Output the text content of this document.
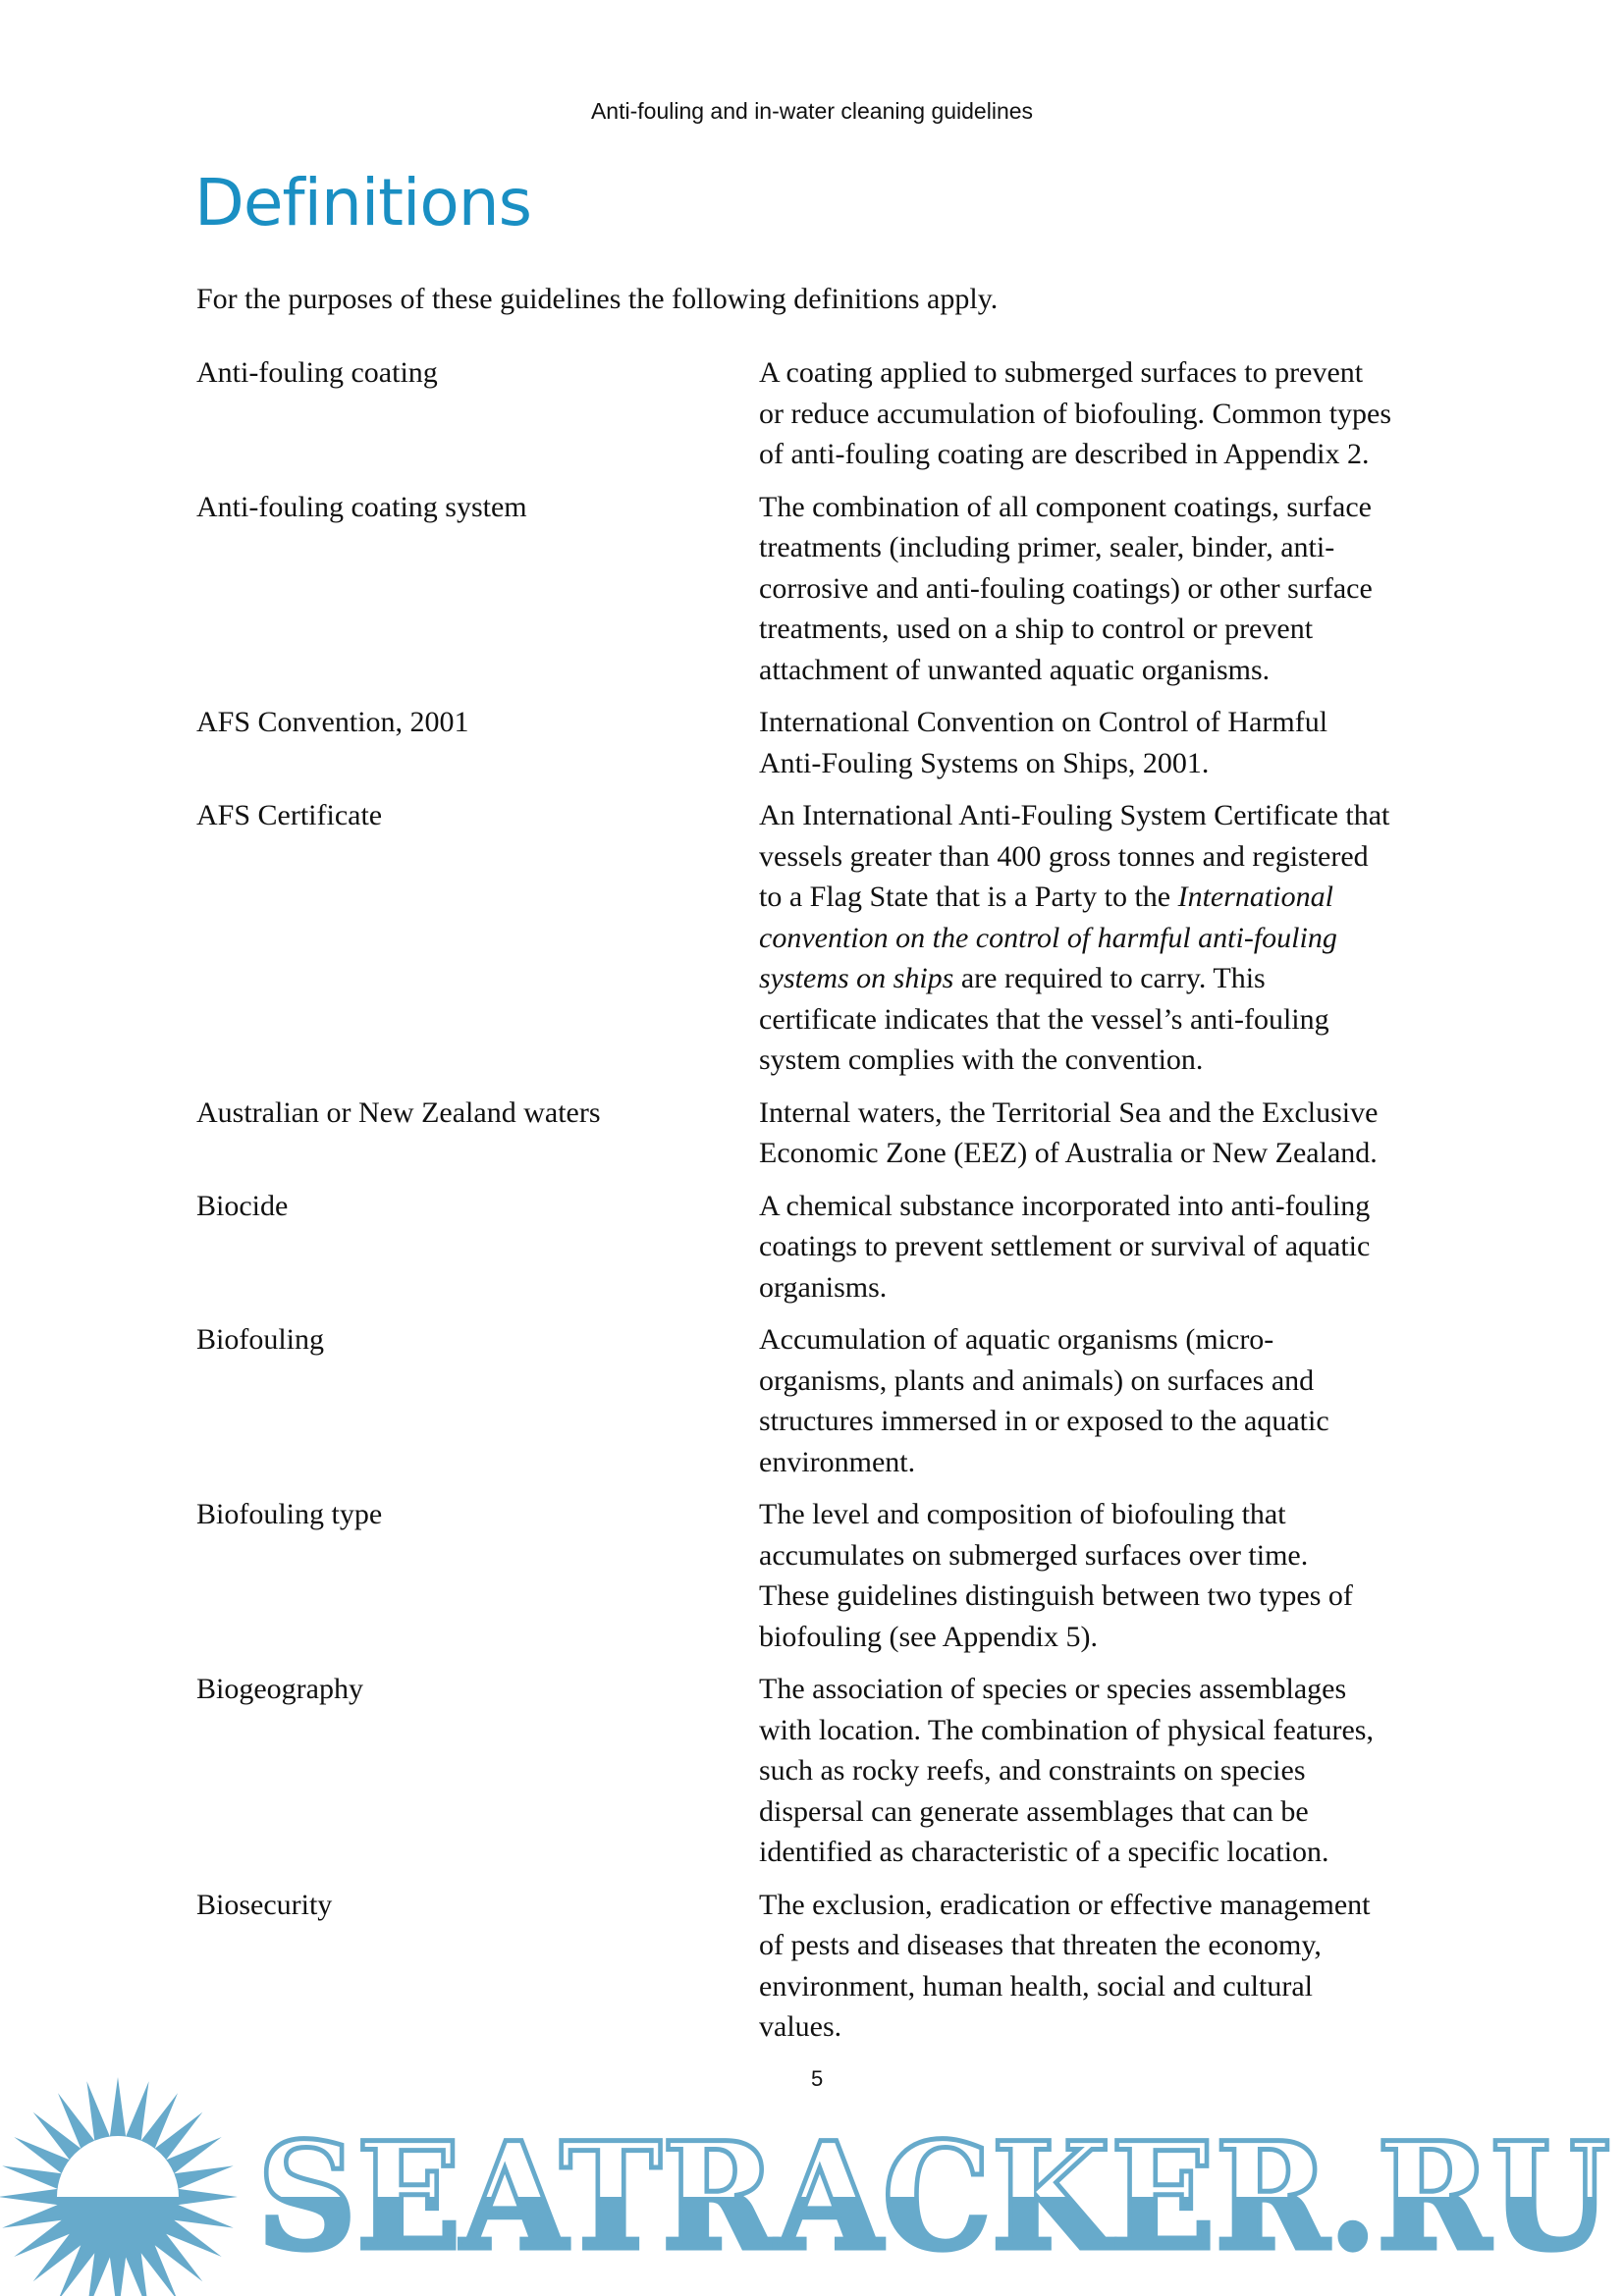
Anti-fouling and in-water cleaning guidelines
Definitions
For the purposes of these guidelines the following definitions apply.
Anti-fouling coating	A coating applied to submerged surfaces to prevent
or reduce accumulation of biofouling. Common types
of anti-fouling coating are described in Appendix 2.
Anti-fouling coating system	The combination of all component coatings, surface
treatments (including primer, sealer, binder, anti-
corrosive and anti-fouling coatings) or other surface
treatments, used on a ship to control or prevent
attachment of unwanted aquatic organisms.
AFS Convention, 2001	International Convention on Control of Harmful
Anti-Fouling Systems on Ships, 2001.
AFS Certificate	An International Anti-Fouling System Certificate that
vessels greater than 400 gross tonnes and registered
to a Flag State that is a Party to the International
convention on the control of harmful anti-fouling
systems on ships are required to carry. This
certificate indicates that the vessel’s anti-fouling
system complies with the convention.
Australian or New Zealand waters	Internal waters, the Territorial Sea and the Exclusive
Economic Zone (EEZ) of Australia or New Zealand.
Biocide	A chemical substance incorporated into anti-fouling
coatings to prevent settlement or survival of aquatic
organisms.
Biofouling	Accumulation of aquatic organisms (micro-
organisms, plants and animals) on surfaces and
structures immersed in or exposed to the aquatic
environment.
Biofouling type	The level and composition of biofouling that
accumulates on submerged surfaces over time.
These guidelines distinguish between two types of
biofouling (see Appendix 5).
Biogeography	The association of species or species assemblages
with location. The combination of physical features,
such as rocky reefs, and constraints on species
dispersal can generate assemblages that can be
identified as characteristic of a specific location.
Biosecurity	The exclusion, eradication or effective management
of pests and diseases that threaten the economy,
environment, human health, social and cultural
values.
SEATRACKER.RU
5
